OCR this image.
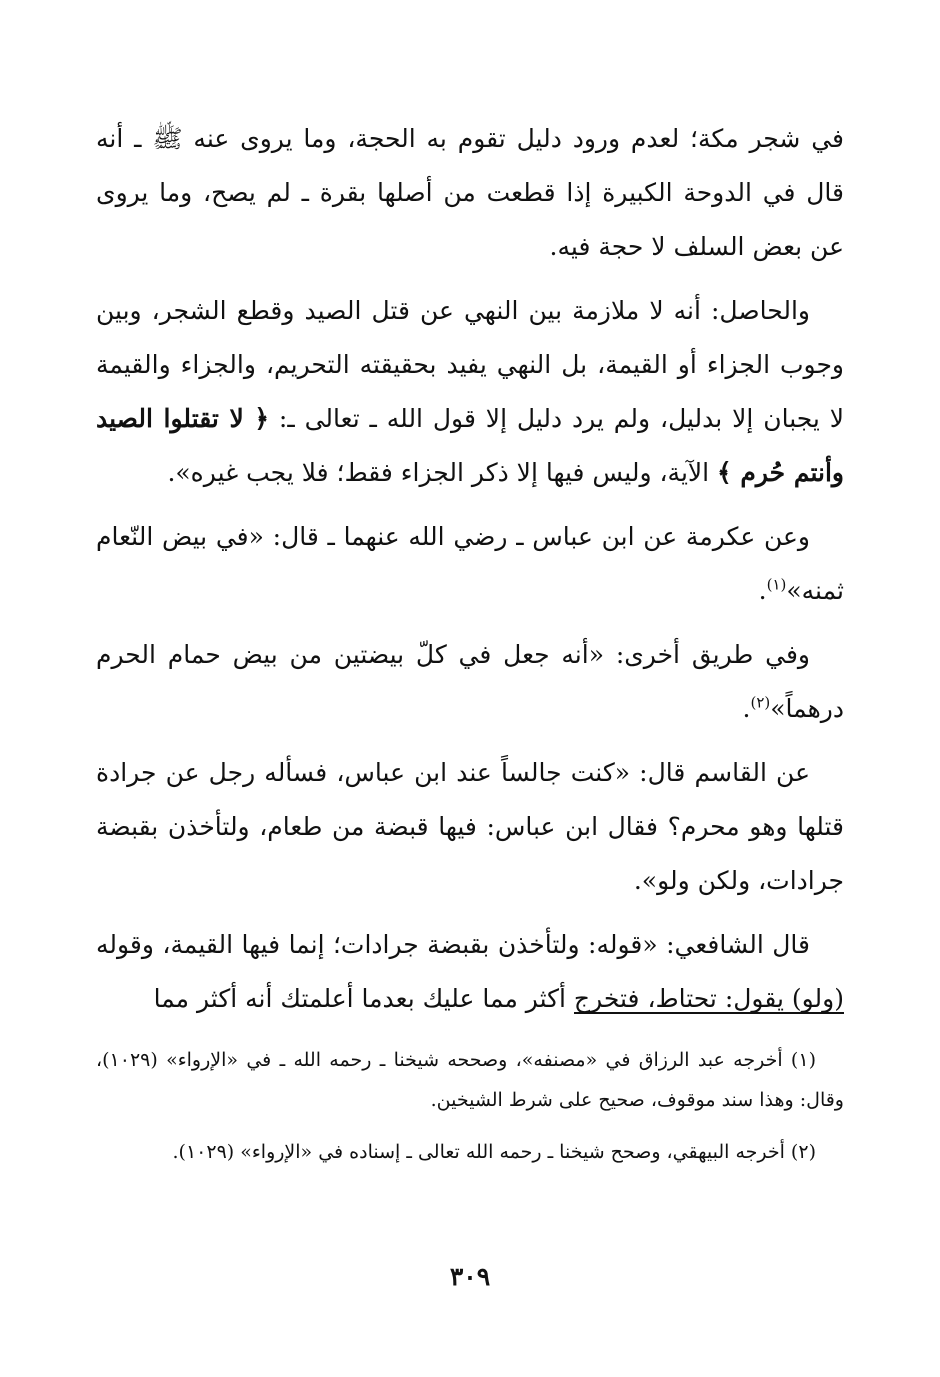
في شجر مكة؛ لعدم ورود دليل تقوم به الحجة، وما يروى عنه ﷺ ـ أنه قال في الدوحة الكبيرة إذا قطعت من أصلها بقرة ـ لم يصح، وما يروى عن بعض السلف لا حجة فيه.

والحاصل: أنه لا ملازمة بين النهي عن قتل الصيد وقطع الشجر، وبين وجوب الجزاء أو القيمة، بل النهي يفيد بحقيقته التحريم، والجزاء والقيمة لا يجبان إلا بدليل، ولم يرد دليل إلا قول الله ـ تعالى ـ: ﴿ لا تقتلوا الصيد وأنتم حُرم ﴾ الآية، وليس فيها إلا ذكر الجزاء فقط؛ فلا يجب غيره».

وعن عكرمة عن ابن عباس ـ رضي الله عنهما ـ قال: «في بيض النّعام ثمنه»$^{(١)}$.

وفي طريق أخرى: «أنه جعل في كلّ بيضتين من بيض حمام الحرم درهماً»$^{(٢)}$.

عن القاسم قال: «كنت جالساً عند ابن عباس، فسأله رجل عن جرادة قتلها وهو محرم؟ فقال ابن عباس: فيها قبضة من طعام، ولتأخذن بقبضة جرادات، ولكن ولو».

قال الشافعي: «قوله: ولتأخذن بقبضة جرادات؛ إنما فيها القيمة، وقوله (ولو) يقول: تحتاط، فتخرج أكثر مما عليك بعدما أعلمتك أنه أكثر مما

(١) أخرجه عبد الرزاق في «مصنفه»، وصححه شيخنا ـ رحمه الله ـ في «الإرواء» (١٠٢٩)، وقال: وهذا سند موقوف، صحيح على شرط الشيخين.

(٢) أخرجه البيهقي، وصحح شيخنا ـ رحمه الله تعالى ـ إسناده في «الإرواء» (١٠٢٩).

٣٠٩
